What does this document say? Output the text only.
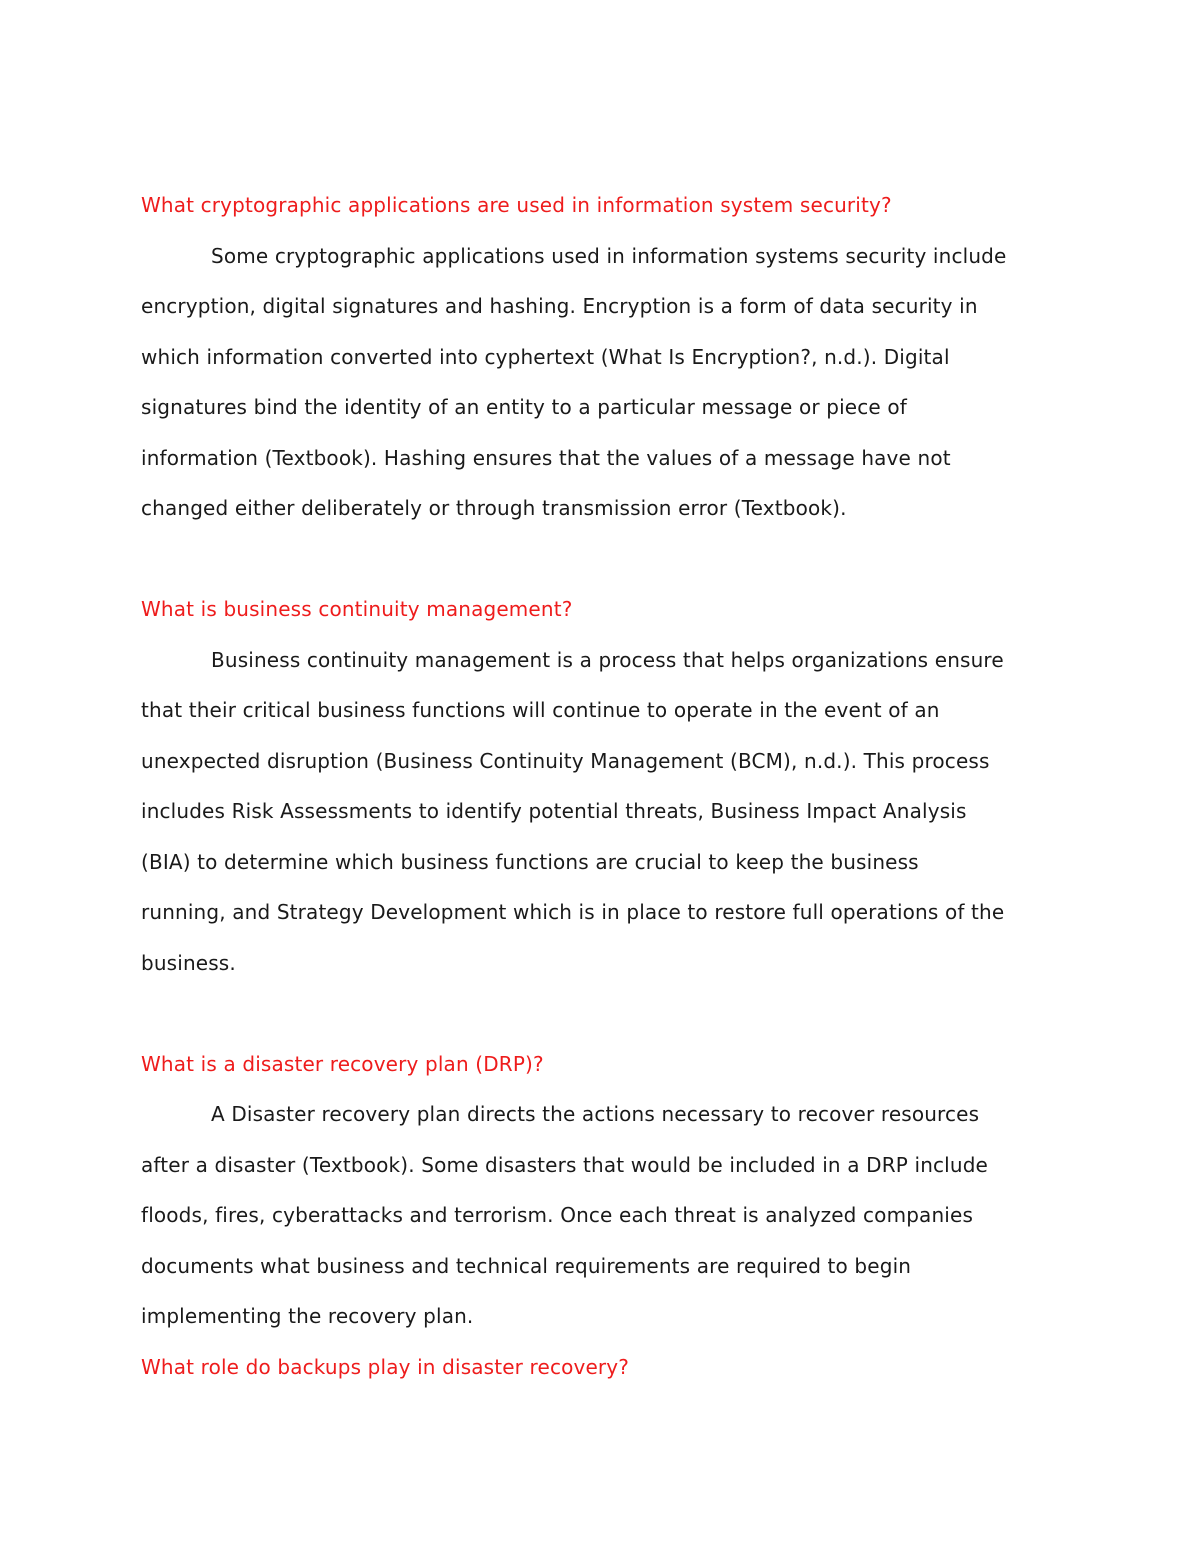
What cryptographic applications are used in information system security?
Some cryptographic applications used in information systems security include
encryption, digital signatures and hashing. Encryption is a form of data security in
which information converted into cyphertext (What Is Encryption?, n.d.). Digital
signatures bind the identity of an entity to a particular message or piece of
information (Textbook). Hashing ensures that the values of a message have not
changed either deliberately or through transmission error (Textbook).
What is business continuity management?
Business continuity management is a process that helps organizations ensure
that their critical business functions will continue to operate in the event of an
unexpected disruption (Business Continuity Management (BCM), n.d.). This process
includes Risk Assessments to identify potential threats, Business Impact Analysis
(BIA) to determine which business functions are crucial to keep the business
running, and Strategy Development which is in place to restore full operations of the
business.
What is a disaster recovery plan (DRP)?
A Disaster recovery plan directs the actions necessary to recover resources
after a disaster (Textbook). Some disasters that would be included in a DRP include
floods, fires, cyberattacks and terrorism. Once each threat is analyzed companies
documents what business and technical requirements are required to begin
implementing the recovery plan.
What role do backups play in disaster recovery?
